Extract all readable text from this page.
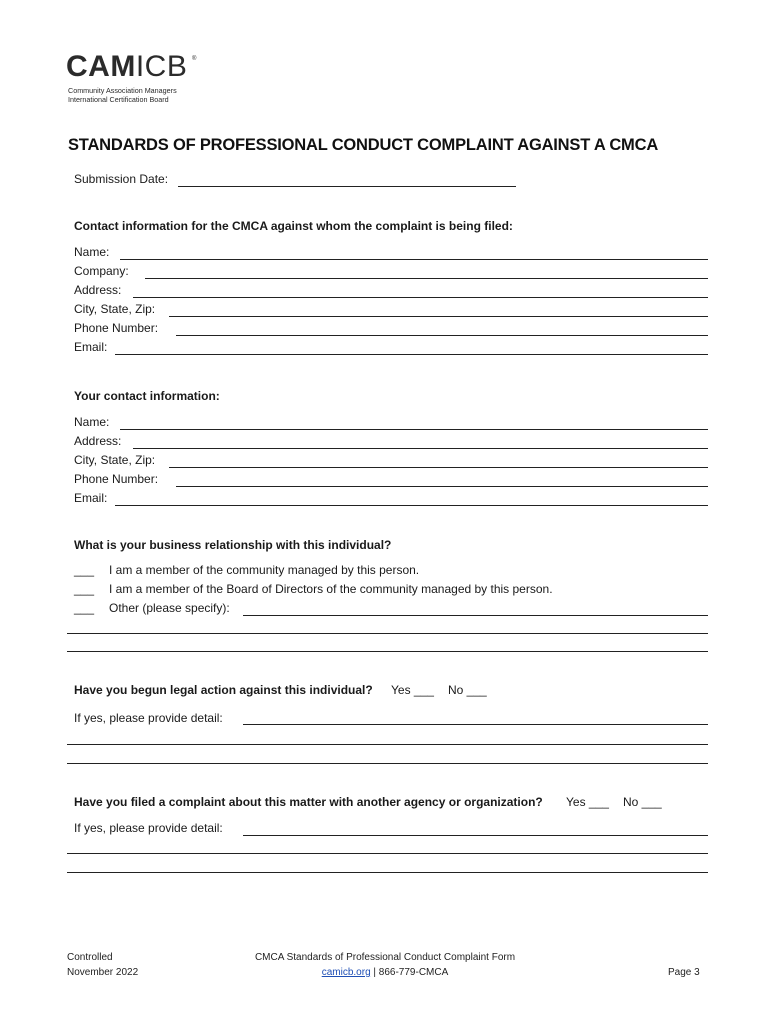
CAMICB ®
Community Association Managers
International Certification Board
STANDARDS OF PROFESSIONAL CONDUCT COMPLAINT AGAINST A CMCA
Submission Date:
Contact information for the CMCA against whom the complaint is being filed:
Name:
Company:
Address:
City, State, Zip:
Phone Number:
Email:
Your contact information:
Name:
Address:
City, State, Zip:
Phone Number:
Email:
What is your business relationship with this individual?
___ I am a member of the community managed by this person.
___ I am a member of the Board of Directors of the community managed by this person.
___ Other (please specify):
Have you begun legal action against this individual? Yes ___ No ___
If yes, please provide detail:
Have you filed a complaint about this matter with another agency or organization? Yes ___ No ___
If yes, please provide detail:
Controlled
November 2022
CMCA Standards of Professional Conduct Complaint Form
camicb.org | 866-779-CMCA	Page 3
